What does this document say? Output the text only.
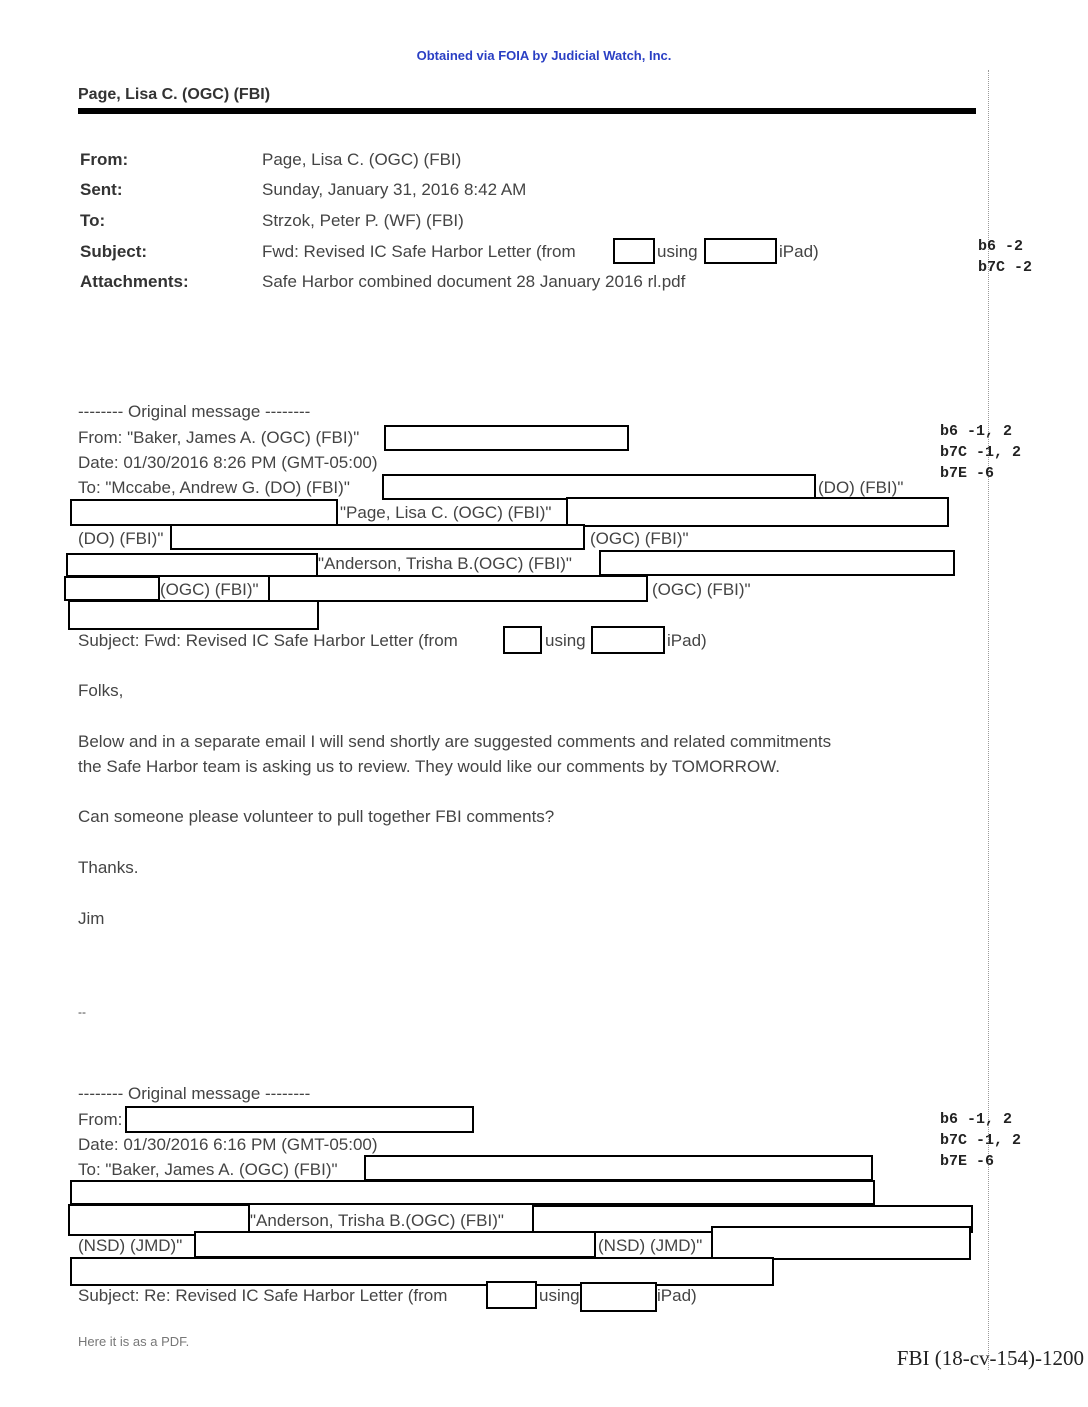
Obtained via FOIA by Judicial Watch, Inc.
Page, Lisa C. (OGC) (FBI)
From:	Page, Lisa C. (OGC) (FBI)
Sent:	Sunday, January 31, 2016 8:42 AM
To:	Strzok, Peter P. (WF) (FBI)
Subject:	Fwd: Revised IC Safe Harbor Letter (from	using	iPad)
Attachments:	Safe Harbor combined document 28 January 2016 rl.pdf
b6 -2
b7C -2
-------- Original message --------
From: "Baker, James A. (OGC) (FBI)"
Date: 01/30/2016 8:26 PM (GMT-05:00)
b6 -1, 2
b7C -1, 2
b7E -6
To: "Mccabe, Andrew G. (DO) (FBI)"	(DO) (FBI)"
"Page, Lisa C. (OGC) (FBI)"
(DO) (FBI)"	(OGC) (FBI)"
"Anderson, Trisha B.(OGC) (FBI)"
(OGC) (FBI)"	(OGC) (FBI)"
Subject: Fwd: Revised IC Safe Harbor Letter (from	using	iPad)
Folks,
Below and in a separate email I will send shortly are suggested comments and related commitments
the Safe Harbor team is asking us to review. They would like our comments by TOMORROW.
Can someone please volunteer to pull together FBI comments?
Thanks.
Jim
--
-------- Original message --------
From:
Date: 01/30/2016 6:16 PM (GMT-05:00)
b6 -1, 2
b7C -1, 2
b7E -6
To: "Baker, James A. (OGC) (FBI)"
"Anderson, Trisha B.(OGC) (FBI)"
(NSD) (JMD)"	(NSD) (JMD)"
Subject: Re: Revised IC Safe Harbor Letter (from	using	iPad)
Here it is as a PDF.
FBI (18-cv-154)-1200
